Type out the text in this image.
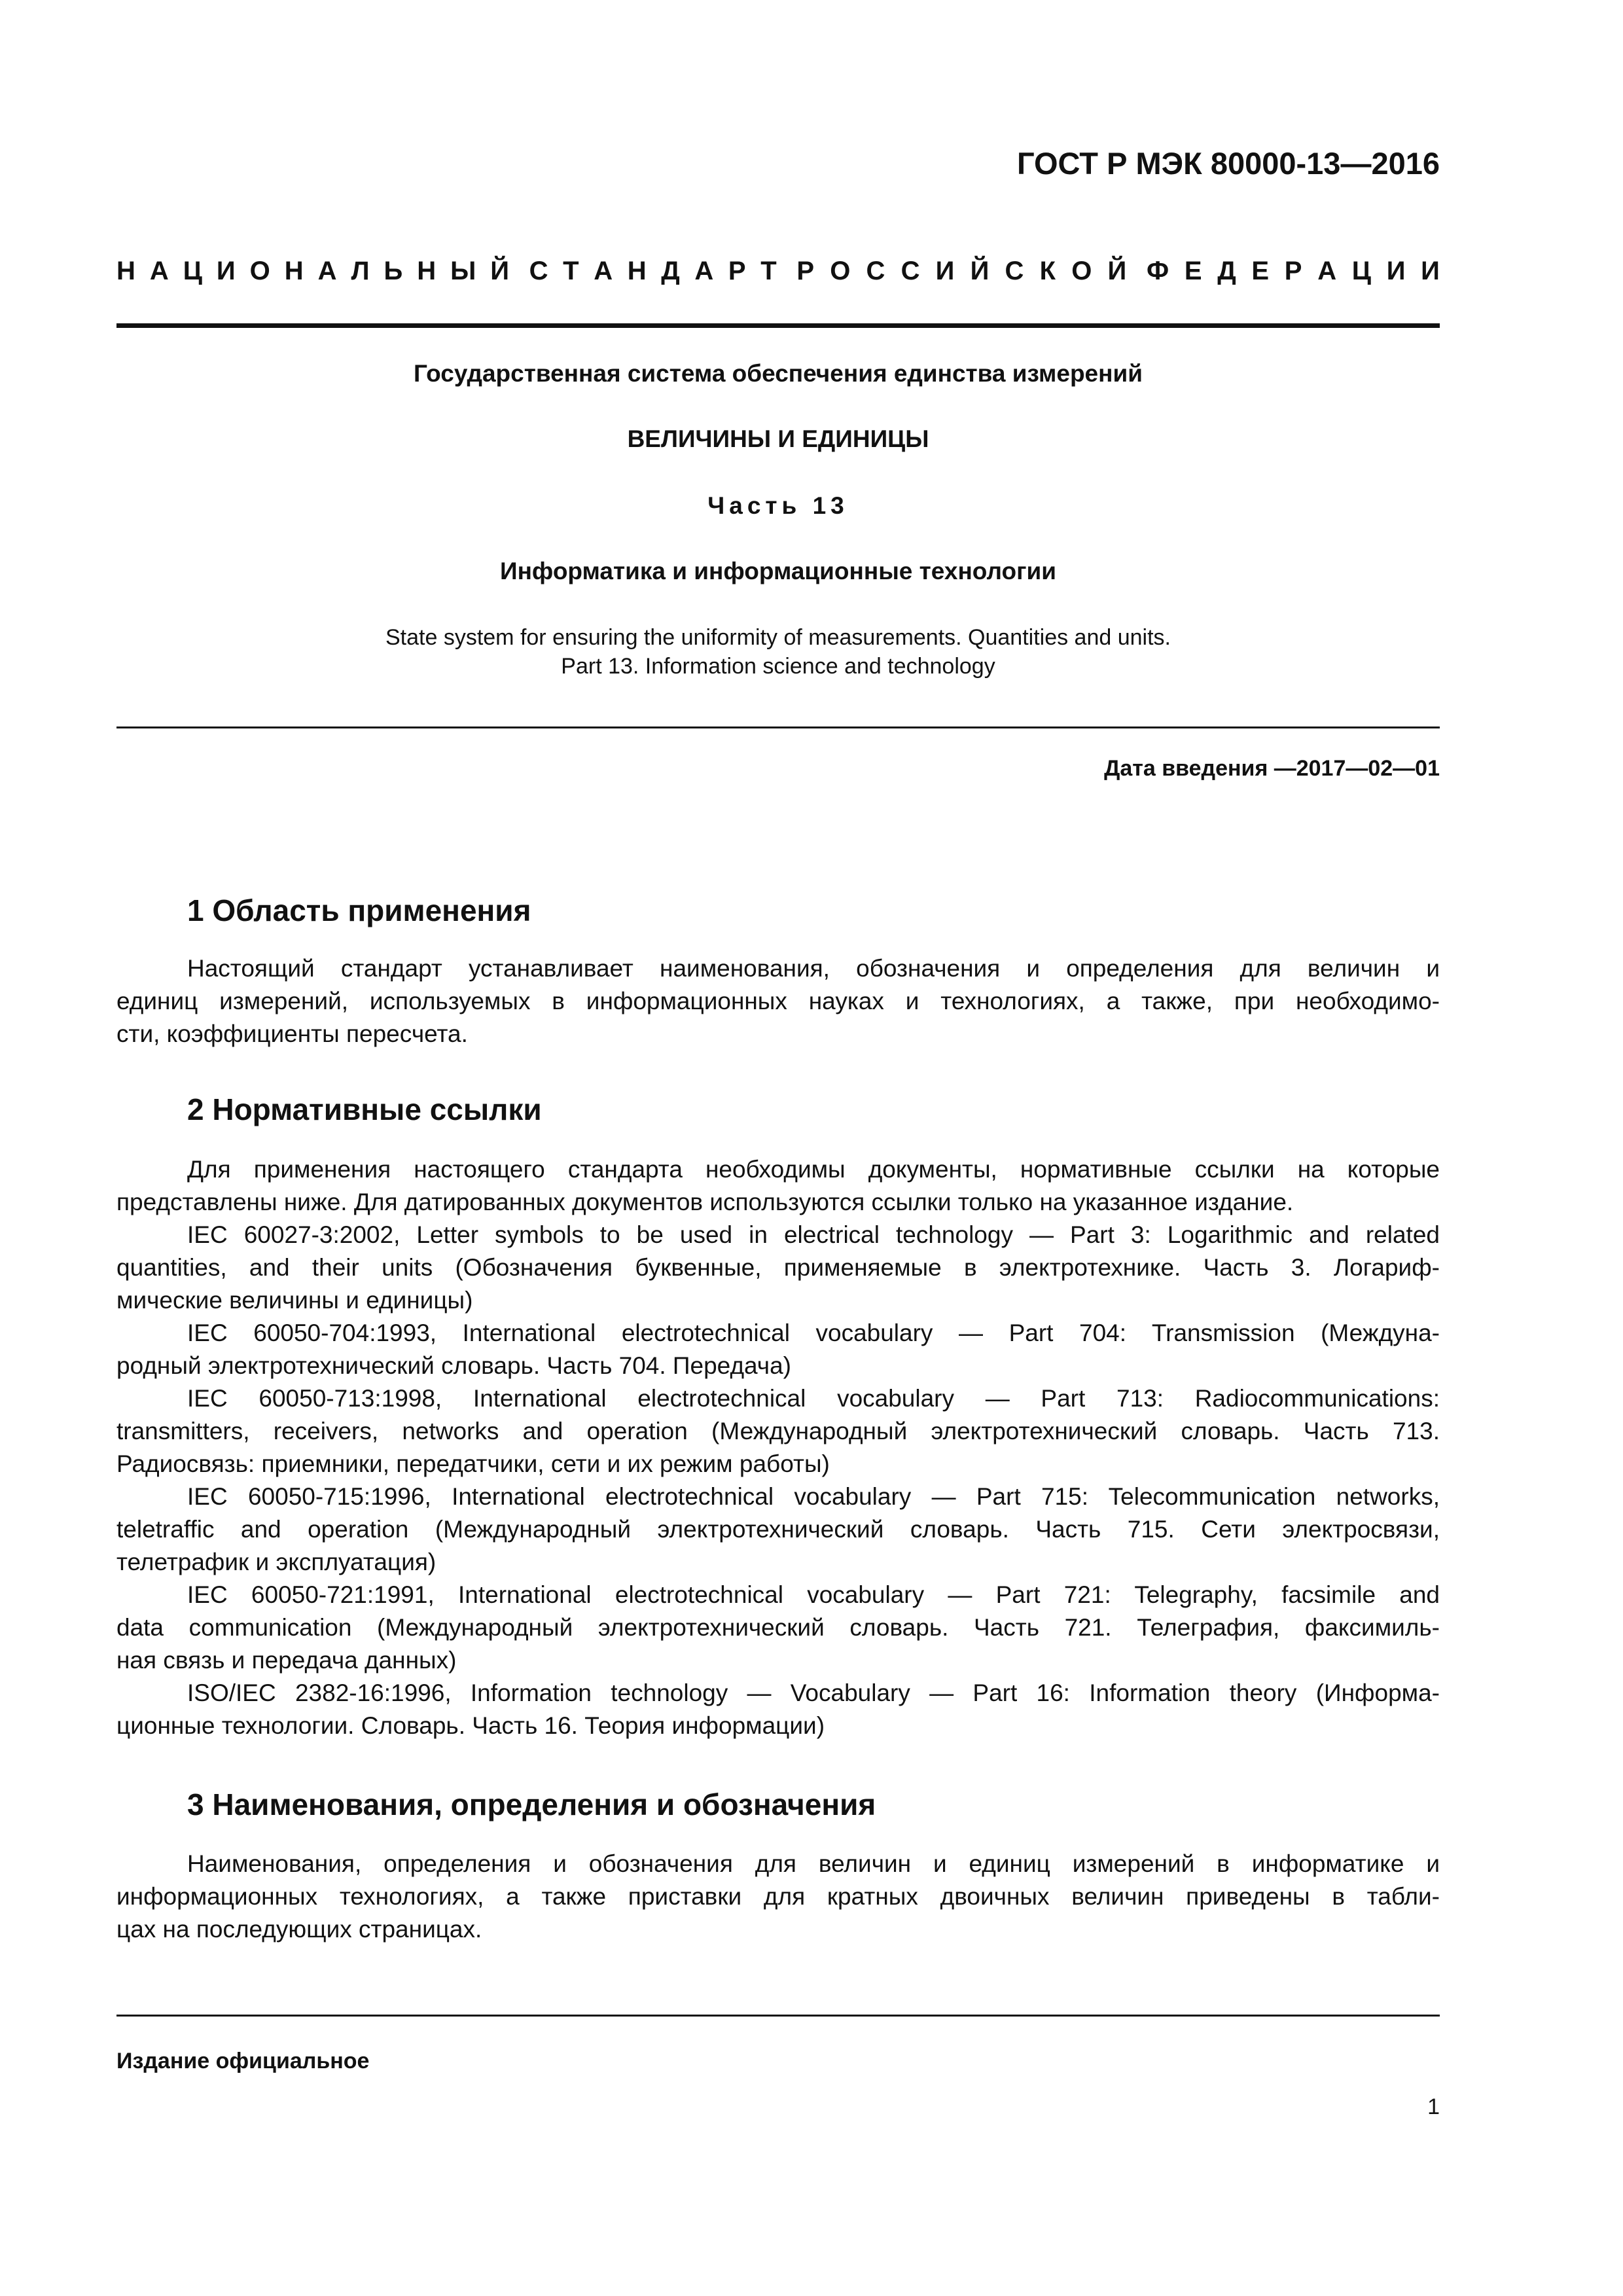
ГОСТ Р МЭК 80000-13—2016
Н А Ц И О Н А Л Ь Н Ы Й С Т А Н Д А Р Т Р О С С И Й С К О Й Ф Е Д Е Р А Ц И И
Государственная система обеспечения единства измерений
ВЕЛИЧИНЫ И ЕДИНИЦЫ
Часть 13
Информатика и информационные технологии
State system for ensuring the uniformity of measurements. Quantities and units.
Part 13. Information science and technology
Дата введения —2017—02—01
1 Область применения
Настоящий стандарт устанавливает наименования, обозначения и определения для величин и
единиц измерений, используемых в информационных науках и технологиях, а также, при необходимо-
сти, коэффициенты пересчета.
2 Нормативные ссылки
Для применения настоящего стандарта необходимы документы, нормативные ссылки на которые
представлены ниже. Для датированных документов используются ссылки только на указанное издание.
IEC 60027-3:2002, Letter symbols to be used in electrical technology — Part 3: Logarithmic and related
quantities, and their units (Обозначения буквенные, применяемые в электротехнике. Часть 3. Логариф-
мические величины и единицы)
IEC 60050-704:1993, International electrotechnical vocabulary — Part 704: Transmission (Междуна-
родный электротехнический словарь. Часть 704. Передача)
IEC 60050-713:1998, International electrotechnical vocabulary — Part 713: Radiocommunications:
transmitters, receivers, networks and operation (Международный электротехнический словарь. Часть 713.
Радиосвязь: приемники, передатчики, сети и их режим работы)
IEC 60050-715:1996, International electrotechnical vocabulary — Part 715: Telecommunication networks,
teletraffic and operation (Международный электротехнический словарь. Часть 715. Сети электросвязи,
телетрафик и эксплуатация)
IEC 60050-721:1991, International electrotechnical vocabulary — Part 721: Telegraphy, facsimile and
data communication (Международный электротехнический словарь. Часть 721. Телеграфия, факсимиль-
ная связь и передача данных)
ISO/IEC 2382-16:1996, Information technology — Vocabulary — Part 16: Information theory (Информа-
ционные технологии. Словарь. Часть 16. Теория информации)
3 Наименования, определения и обозначения
Наименования, определения и обозначения для величин и единиц измерений в информатике и
информационных технологиях, а также приставки для кратных двоичных величин приведены в табли-
цах на последующих страницах.
Издание официальное
1
